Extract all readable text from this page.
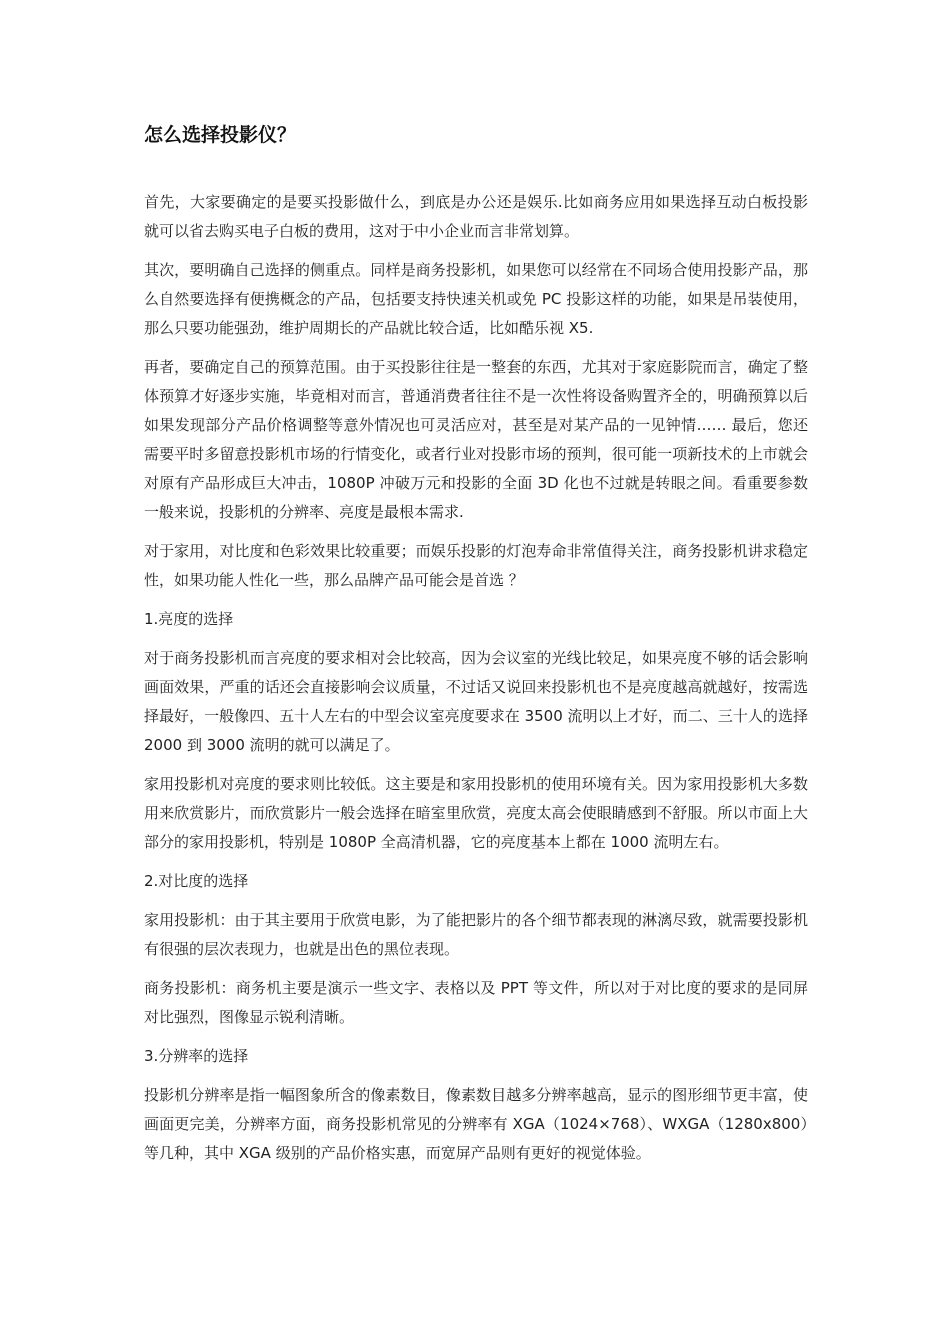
怎么选择投影仪？

首先，大家要确定的是要买投影做什么，到底是办公还是娱乐.比如商务应用如果选择互动白板投影就可以省去购买电子白板的费用，这对于中小企业而言非常划算。

其次，要明确自己选择的侧重点。同样是商务投影机，如果您可以经常在不同场合使用投影产品，那么自然要选择有便携概念的产品，包括要支持快速关机或免 PC 投影这样的功能，如果是吊装使用，那么只要功能强劲，维护周期长的产品就比较合适，比如酷乐视 X5.

再者，要确定自己的预算范围。由于买投影往往是一整套的东西，尤其对于家庭影院而言，确定了整体预算才好逐步实施，毕竟相对而言，普通消费者往往不是一次性将设备购置齐全的，明确预算以后如果发现部分产品价格调整等意外情况也可灵活应对，甚至是对某产品的一见钟情…… 最后，您还需要平时多留意投影机市场的行情变化，或者行业对投影市场的预判，很可能一项新技术的上市就会对原有产品形成巨大冲击，1080P 冲破万元和投影的全面 3D 化也不过就是转眼之间。看重要参数一般来说，投影机的分辨率、亮度是最根本需求.

对于家用，对比度和色彩效果比较重要；而娱乐投影的灯泡寿命非常值得关注，商务投影机讲求稳定性，如果功能人性化一些，那么品牌产品可能会是首选 ？

1.亮度的选择

对于商务投影机而言亮度的要求相对会比较高，因为会议室的光线比较足，如果亮度不够的话会影响画面效果，严重的话还会直接影响会议质量，不过话又说回来投影机也不是亮度越高就越好，按需选择最好，一般像四、五十人左右的中型会议室亮度要求在 3500 流明以上才好，而二、三十人的选择 2000 到 3000 流明的就可以满足了。

家用投影机对亮度的要求则比较低。这主要是和家用投影机的使用环境有关。因为家用投影机大多数用来欣赏影片，而欣赏影片一般会选择在暗室里欣赏，亮度太高会使眼睛感到不舒服。所以市面上大部分的家用投影机，特别是 1080P 全高清机器，它的亮度基本上都在 1000 流明左右。

2.对比度的选择

家用投影机：由于其主要用于欣赏电影，为了能把影片的各个细节都表现的淋漓尽致，就需要投影机有很强的层次表现力，也就是出色的黑位表现。

商务投影机：商务机主要是演示一些文字、表格以及 PPT 等文件，所以对于对比度的要求的是同屏对比强烈，图像显示锐利清晰。

3.分辨率的选择

投影机分辨率是指一幅图象所含的像素数目，像素数目越多分辨率越高，显示的图形细节更丰富，使画面更完美，分辨率方面，商务投影机常见的分辨率有 XGA（1024×768）、WXGA（1280x800）等几种，其中 XGA 级别的产品价格实惠，而宽屏产品则有更好的视觉体验。
